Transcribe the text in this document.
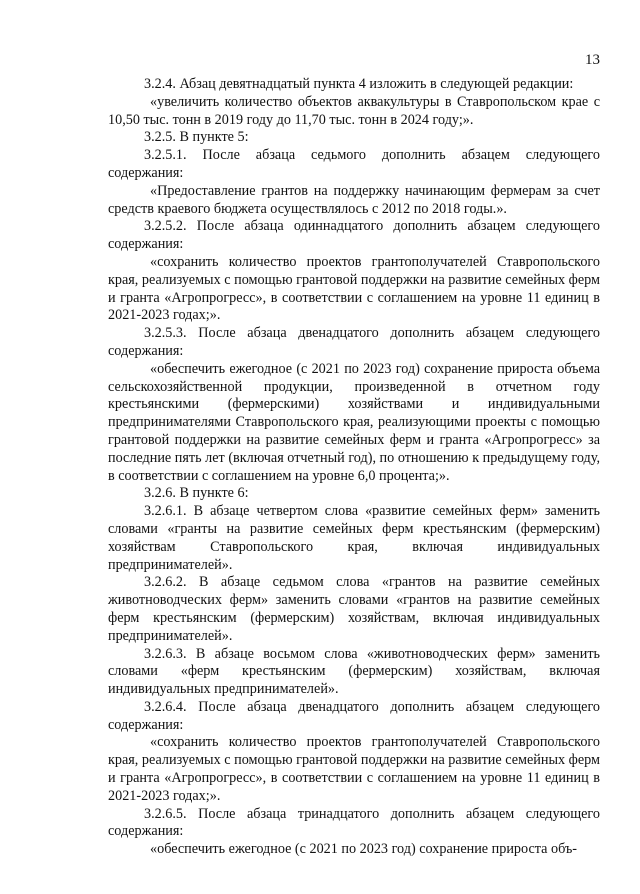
13

3.2.4. Абзац девятнадцатый пункта 4 изложить в следующей редакции:

«увеличить количество объектов аквакультуры в Ставропольском крае с 10,50 тыс. тонн в 2019 году до 11,70 тыс. тонн в 2024 году;».

3.2.5. В пункте 5:

3.2.5.1. После абзаца седьмого дополнить абзацем следующего содержания:

«Предоставление грантов на поддержку начинающим фермерам за счет средств краевого бюджета осуществлялось с 2012 по 2018 годы.».

3.2.5.2. После абзаца одиннадцатого дополнить абзацем следующего содержания:

«сохранить количество проектов грантополучателей Ставропольского края, реализуемых с помощью грантовой поддержки на развитие семейных ферм и гранта «Агропрогресс», в соответствии с соглашением на уровне 11 единиц в 2021-2023 годах;».

3.2.5.3. После абзаца двенадцатого дополнить абзацем следующего содержания:

«обеспечить ежегодное (с 2021 по 2023 год) сохранение прироста объема сельскохозяйственной продукции, произведенной в отчетном году крестьянскими (фермерскими) хозяйствами и индивидуальными предпринимателями Ставропольского края, реализующими проекты с помощью грантовой поддержки на развитие семейных ферм и гранта «Агропрогресс» за последние пять лет (включая отчетный год), по отношению к предыдущему году, в соответствии с соглашением на уровне 6,0 процента;».

3.2.6. В пункте 6:

3.2.6.1. В абзаце четвертом слова «развитие семейных ферм» заменить словами «гранты на развитие семейных ферм крестьянским (фермерским) хозяйствам Ставропольского края, включая индивидуальных предпринимателей».

3.2.6.2. В абзаце седьмом слова «грантов на развитие семейных животноводческих ферм» заменить словами «грантов на развитие семейных ферм крестьянским (фермерским) хозяйствам, включая индивидуальных предпринимателей».

3.2.6.3. В абзаце восьмом слова «животноводческих ферм» заменить словами «ферм крестьянским (фермерским) хозяйствам, включая индивидуальных предпринимателей».

3.2.6.4. После абзаца двенадцатого дополнить абзацем следующего содержания:

«сохранить количество проектов грантополучателей Ставропольского края, реализуемых с помощью грантовой поддержки на развитие семейных ферм и гранта «Агропрогресс», в соответствии с соглашением на уровне 11 единиц в 2021-2023 годах;».

3.2.6.5. После абзаца тринадцатого дополнить абзацем следующего содержания:

«обеспечить ежегодное (с 2021 по 2023 год) сохранение прироста объ-
